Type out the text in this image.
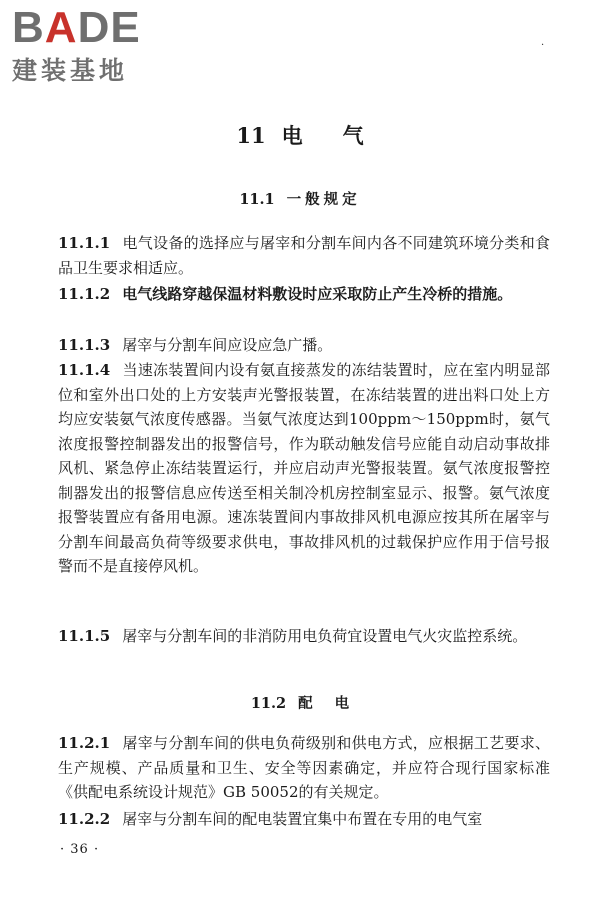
BADE
建装基地
·
11 电气
11.1 一般规定
11.1.1 电气设备的选择应与屠宰和分割车间内各不同建筑环境分类和食品卫生要求相适应。
11.1.2 电气线路穿越保温材料敷设时应采取防止产生冷桥的措施。
11.1.3 屠宰与分割车间应设应急广播。
11.1.4 当速冻装置间内设有氨直接蒸发的冻结装置时，应在室内明显部位和室外出口处的上方安装声光警报装置，在冻结装置的进出料口处上方均应安装氨气浓度传感器。当氨气浓度达到100ppm～150ppm时，氨气浓度报警控制器发出的报警信号，作为联动触发信号应能自动启动事故排风机、紧急停止冻结装置运行，并应启动声光警报装置。氨气浓度报警控制器发出的报警信息应传送至相关制冷机房控制室显示、报警。氨气浓度报警装置应有备用电源。速冻装置间内事故排风机电源应按其所在屠宰与分割车间最高负荷等级要求供电，事故排风机的过载保护应作用于信号报警而不是直接停风机。
11.1.5 屠宰与分割车间的非消防用电负荷宜设置电气火灾监控系统。
11.2 配电
11.2.1 屠宰与分割车间的供电负荷级别和供电方式，应根据工艺要求、生产规模、产品质量和卫生、安全等因素确定，并应符合现行国家标准《供配电系统设计规范》GB 50052的有关规定。
11.2.2 屠宰与分割车间的配电装置宜集中布置在专用的电气室
· 36 ·
